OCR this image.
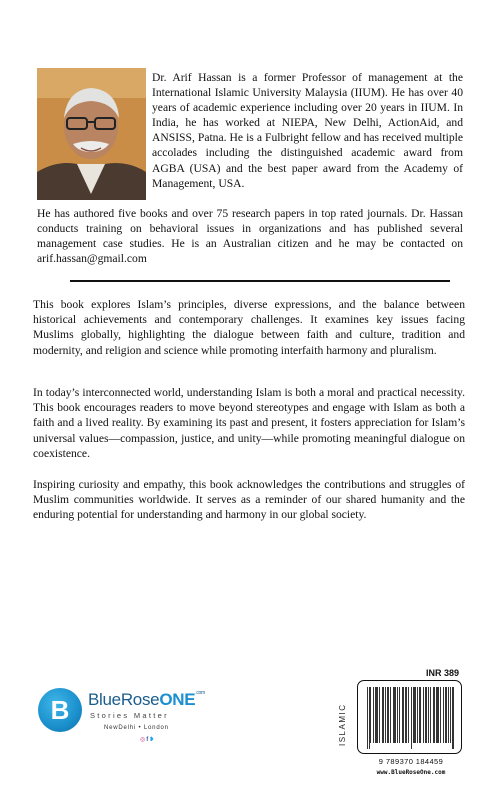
Dr. Arif Hassan is a former Professor of management at the International Islamic University Malaysia (IIUM). He has over 40 years of academic experience including over 20 years in IIUM. In India, he has worked at NIEPA, New Delhi, ActionAid, and ANSISS, Patna. He is a Fulbright fellow and has received multiple accolades including the distinguished academic award from AGBA (USA) and the best paper award from the Academy of Management, USA.
He has authored five books and over 75 research papers in top rated journals. Dr. Hassan conducts training on behavioral issues in organizations and has published several management case studies. He is an Australian citizen and he may be contacted on arif.hassan@gmail.com

This book explores Islam’s principles, diverse expressions, and the balance between historical achievements and contemporary challenges. It examines key issues facing Muslims globally, highlighting the dialogue between faith and culture, tradition and modernity, and religion and science while promoting interfaith harmony and pluralism.

In today’s interconnected world, understanding Islam is both a moral and practical necessity. This book encourages readers to move beyond stereotypes and engage with Islam as both a faith and a lived reality. By examining its past and present, it fosters appreciation for Islam’s universal values—compassion, justice, and unity—while promoting meaningful dialogue on coexistence.

Inspiring curiosity and empathy, this book acknowledges the contributions and struggles of Muslim communities worldwide. It serves as a reminder of our shared humanity and the enduring potential for understanding and harmony in our global society.

B	BlueRoseONE$^{.com}$
Stories Matter
NewDelhi • London
◎f❥
INR 389
ISLAMIC
9 789370 184459
www.BlueRoseOne.com
